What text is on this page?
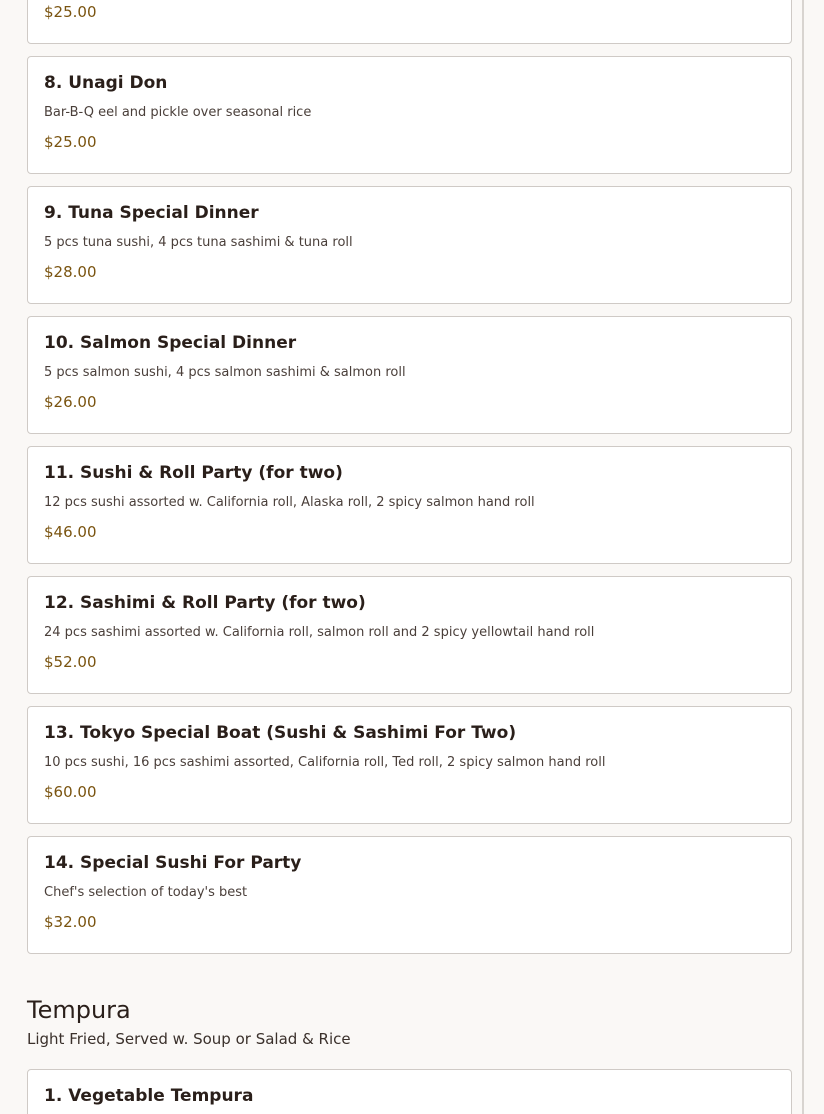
$25.00
8. Unagi Don
Bar-B-Q eel and pickle over seasonal rice
$25.00
9. Tuna Special Dinner
5 pcs tuna sushi, 4 pcs tuna sashimi & tuna roll
$28.00
10. Salmon Special Dinner
5 pcs salmon sushi, 4 pcs salmon sashimi & salmon roll
$26.00
11. Sushi & Roll Party (for two)
12 pcs sushi assorted w. California roll, Alaska roll, 2 spicy salmon hand roll
$46.00
12. Sashimi & Roll Party (for two)
24 pcs sashimi assorted w. California roll, salmon roll and 2 spicy yellowtail hand roll
$52.00
13. Tokyo Special Boat (Sushi & Sashimi For Two)
10 pcs sushi, 16 pcs sashimi assorted, California roll, Ted roll, 2 spicy salmon hand roll
$60.00
14. Special Sushi For Party
Chef's selection of today's best
$32.00
Tempura
Light Fried, Served w. Soup or Salad & Rice
1. Vegetable Tempura
